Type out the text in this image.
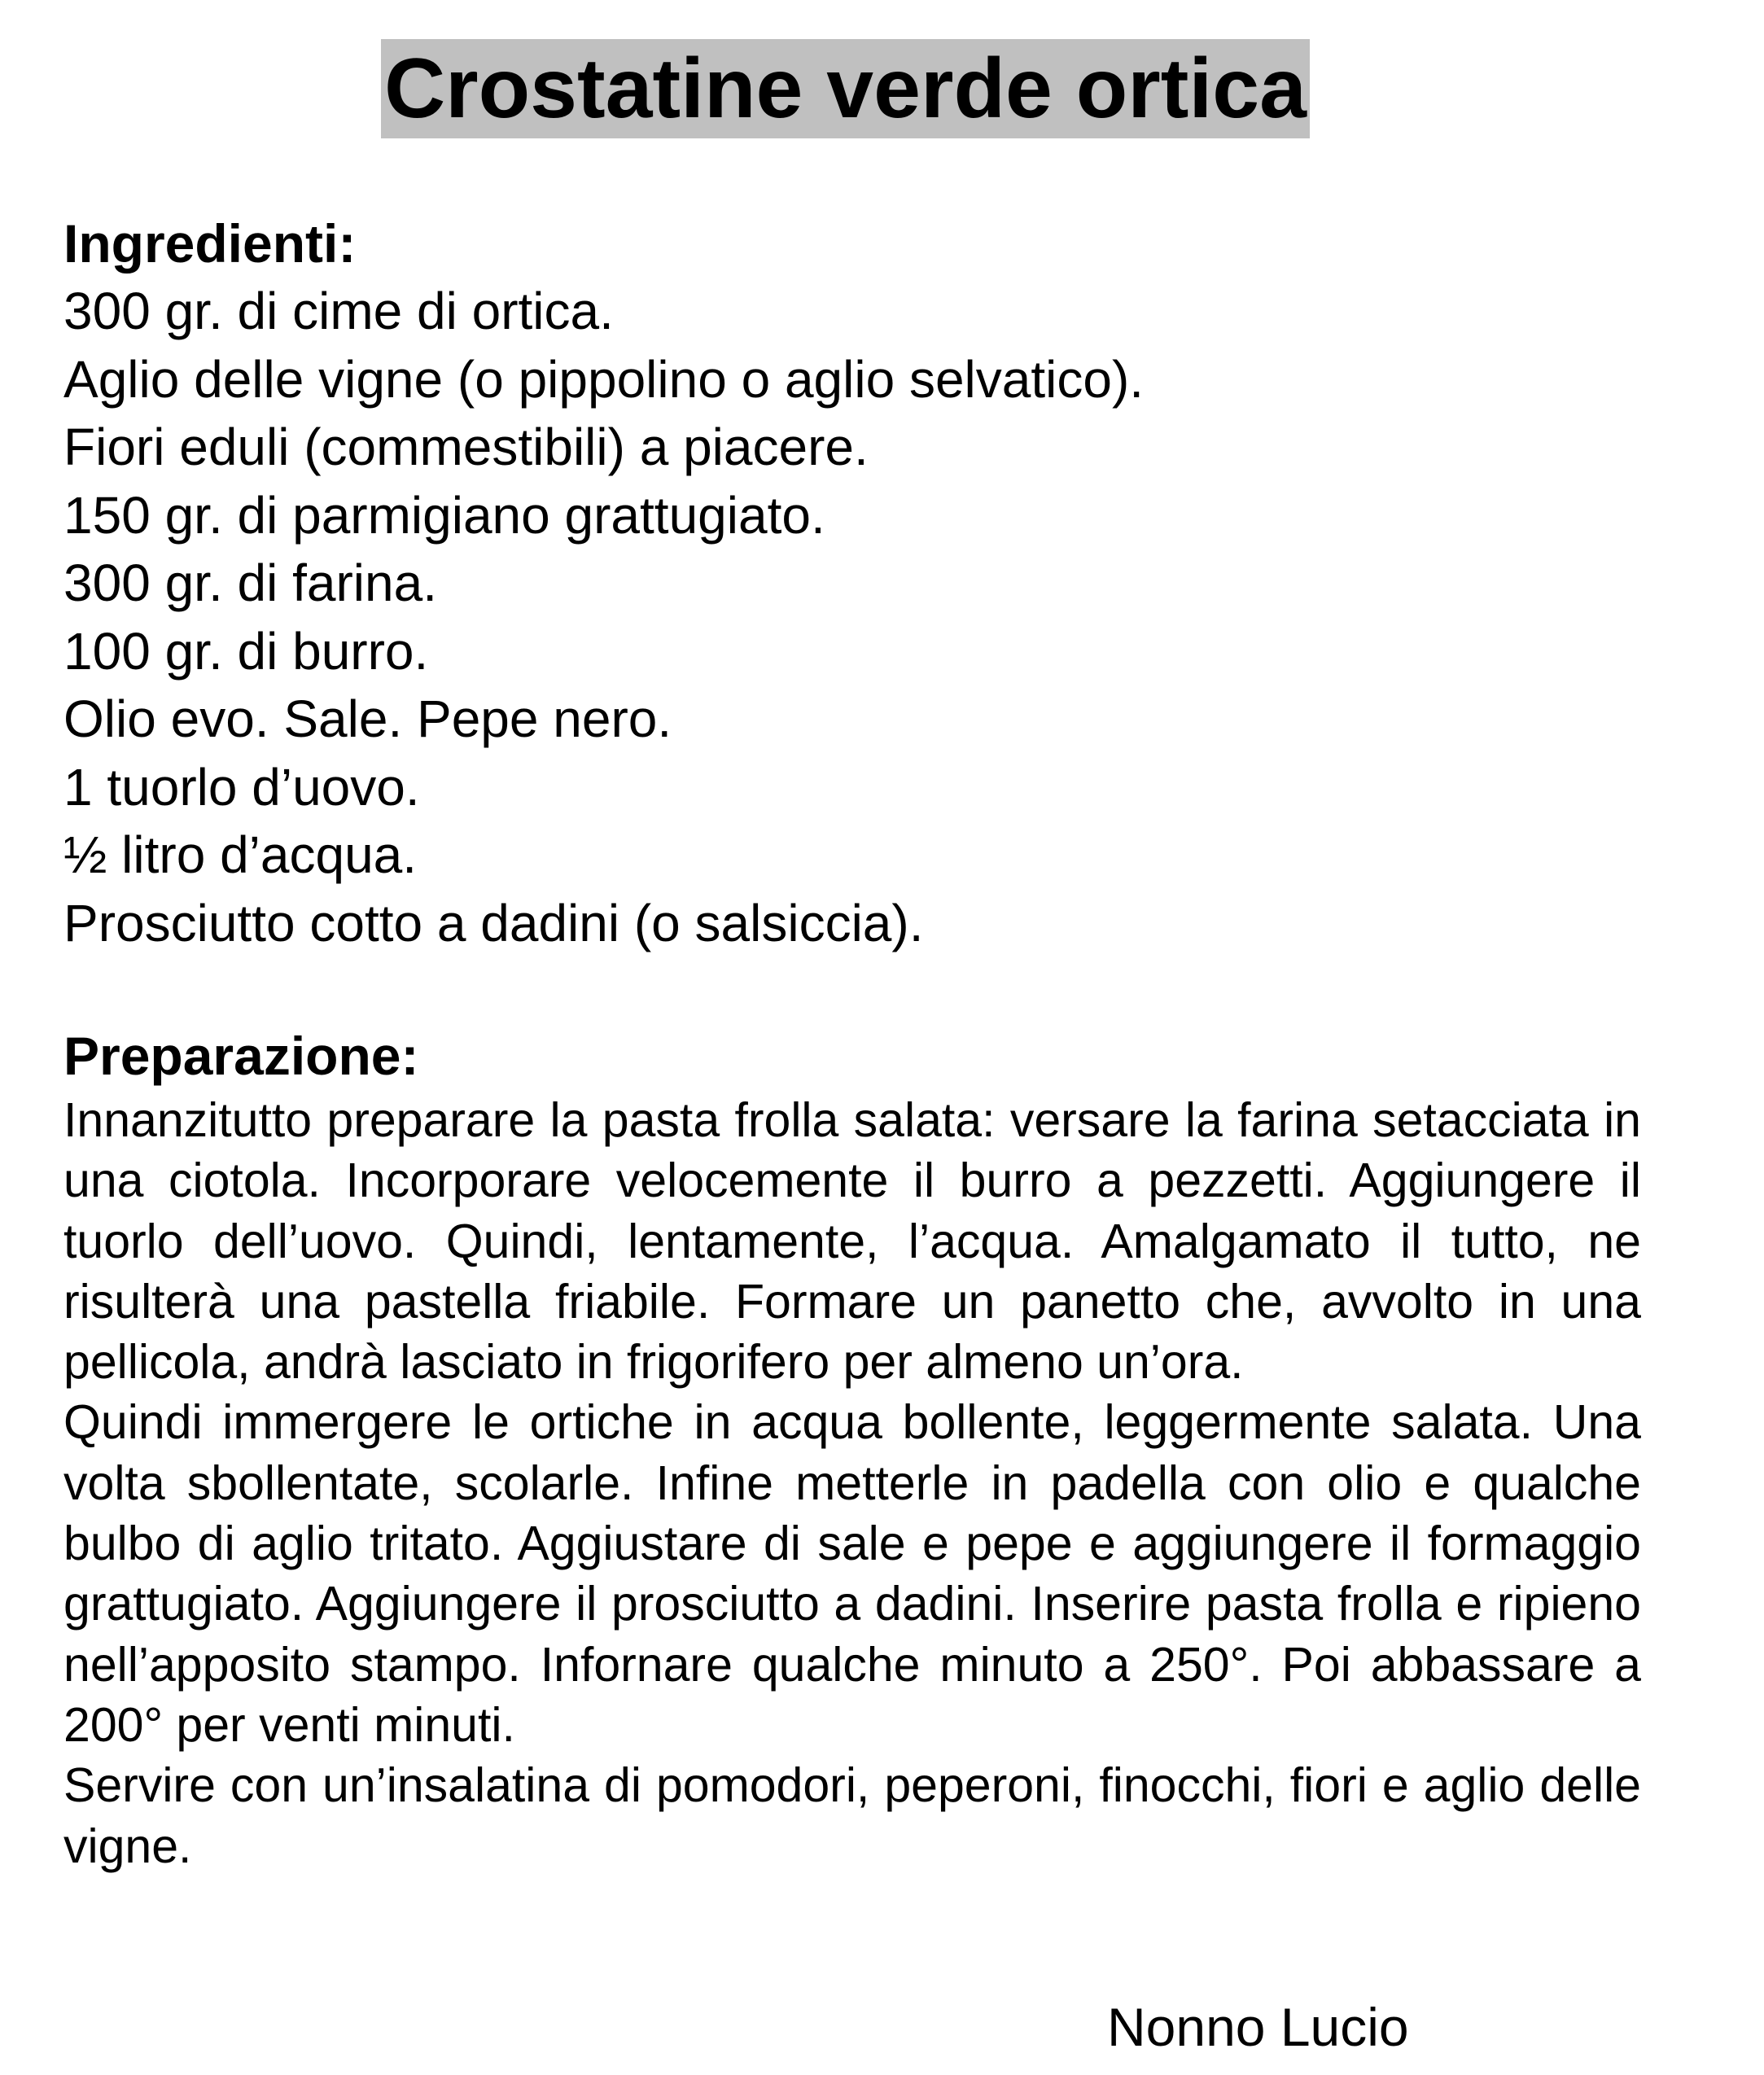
Crostatine verde ortica
Ingredienti:
300 gr. di cime di ortica.
Aglio delle vigne (o pippolino o aglio selvatico).
Fiori eduli (commestibili) a piacere.
150 gr. di parmigiano grattugiato.
300 gr. di farina.
100 gr. di burro.
Olio evo. Sale. Pepe nero.
1 tuorlo d’uovo.
½ litro d’acqua.
Prosciutto cotto a dadini (o salsiccia).
Preparazione:

Innanzitutto preparare la pasta frolla salata: versare la farina setacciata in una ciotola. Incorporare velocemente il burro a pezzetti. Aggiungere il tuorlo dell’uovo. Quindi, lentamente, l’acqua. Amalgamato il tutto, ne risulterà una pastella friabile. Formare un panetto che, avvolto in una pellicola, andrà lasciato in frigorifero per almeno un’ora.

Quindi immergere le ortiche in acqua bollente, leggermente salata. Una volta sbollentate, scolarle. Infine metterle in padella con olio e qualche bulbo di aglio tritato. Aggiustare di sale e pepe e aggiungere il formaggio grattugiato. Aggiungere il prosciutto a dadini. Inserire pasta frolla e ripieno nell’apposito stampo. Infornare qualche minuto a 250°. Poi abbassare a 200° per venti minuti.

Servire con un’insalatina di pomodori, peperoni, finocchi, fiori e aglio delle vigne.

Nonno Lucio
